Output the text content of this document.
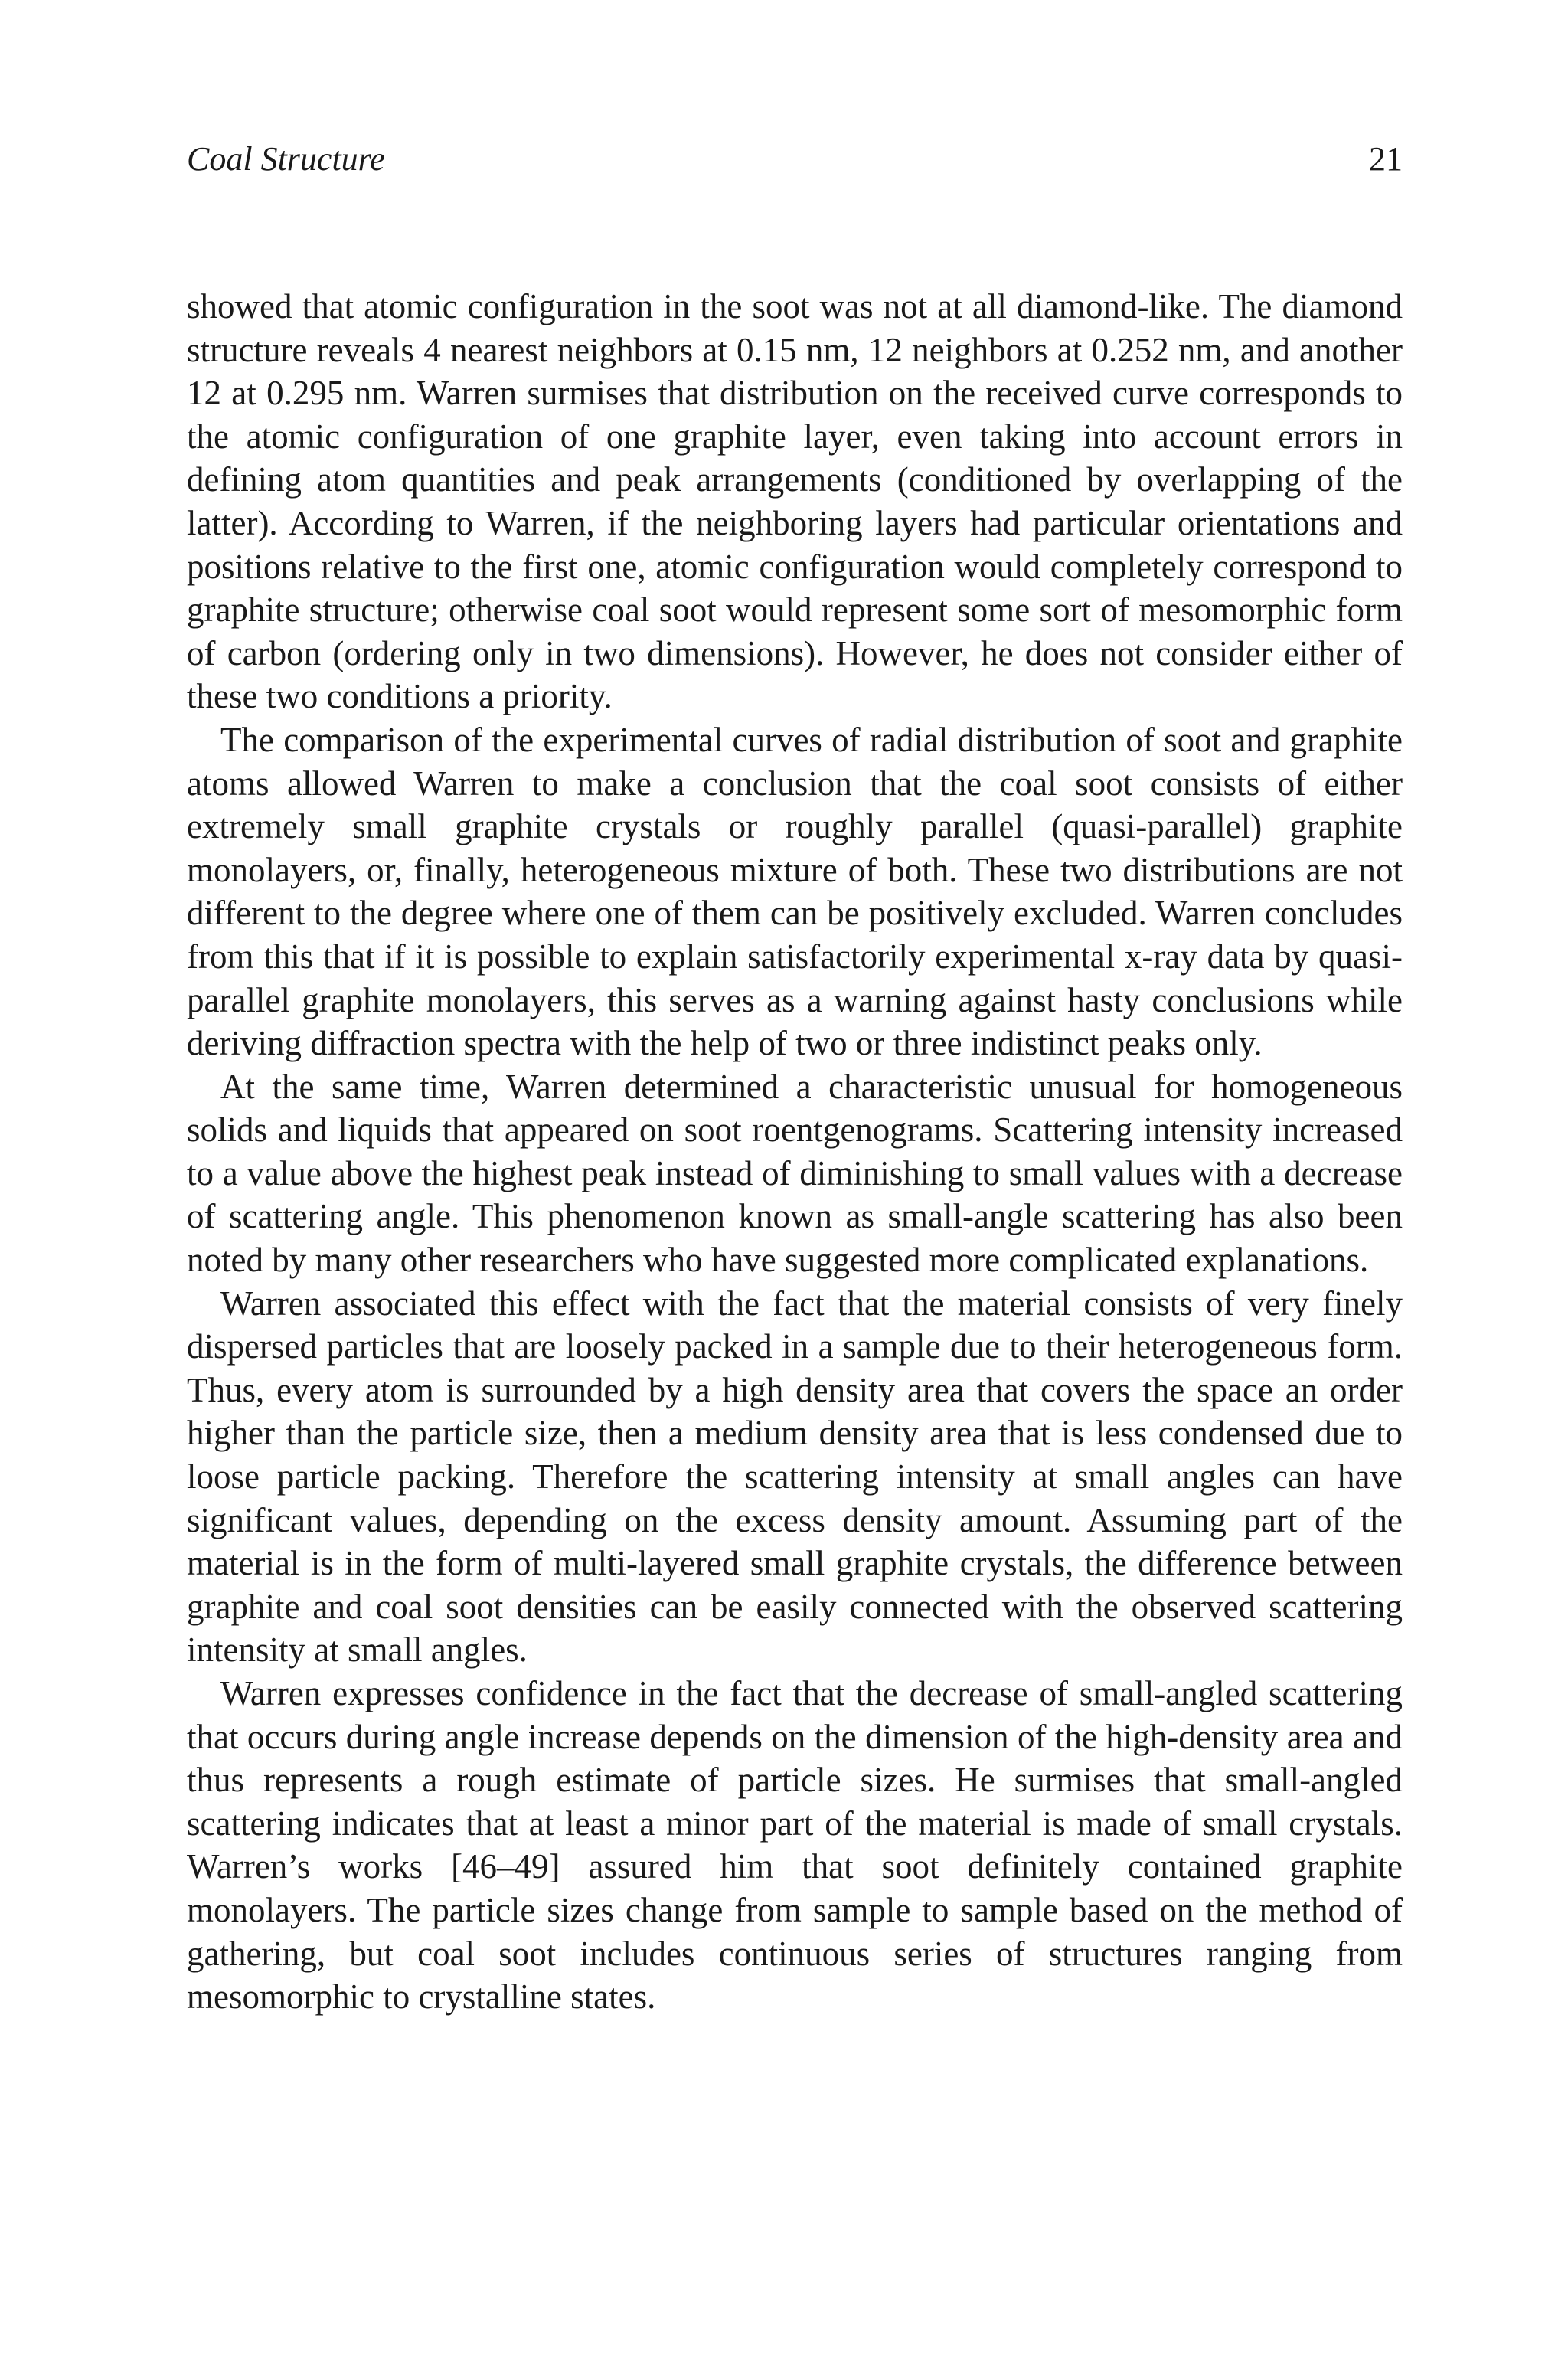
Coal Structure	21

showed that atomic configuration in the soot was not at all diamond-like. The diamond structure reveals 4 nearest neighbors at 0.15 nm, 12 neighbors at 0.252 nm, and another 12 at 0.295 nm. Warren surmises that distribution on the received curve corresponds to the atomic configuration of one graphite layer, even taking into account errors in defining atom quantities and peak arrangements (conditioned by overlapping of the latter). According to Warren, if the neighboring layers had particular orientations and positions relative to the first one, atomic configuration would completely correspond to graphite structure; otherwise coal soot would represent some sort of mesomorphic form of carbon (ordering only in two dimensions). However, he does not consider either of these two conditions a priority.

The comparison of the experimental curves of radial distribution of soot and graphite atoms allowed Warren to make a conclusion that the coal soot consists of either extremely small graphite crystals or roughly parallel (quasi-parallel) graphite monolayers, or, finally, heterogeneous mixture of both. These two distributions are not different to the degree where one of them can be positively excluded. Warren concludes from this that if it is possible to explain satisfactorily experimental x-ray data by quasi-parallel graphite monolayers, this serves as a warning against hasty conclusions while deriving diffraction spectra with the help of two or three indistinct peaks only.

At the same time, Warren determined a characteristic unusual for homogeneous solids and liquids that appeared on soot roentgenograms. Scattering intensity increased to a value above the highest peak instead of diminishing to small values with a decrease of scattering angle. This phenomenon known as small-angle scattering has also been noted by many other researchers who have suggested more complicated explanations.

Warren associated this effect with the fact that the material consists of very finely dispersed particles that are loosely packed in a sample due to their heterogeneous form. Thus, every atom is surrounded by a high density area that covers the space an order higher than the particle size, then a medium density area that is less condensed due to loose particle packing. Therefore the scattering intensity at small angles can have significant values, depending on the excess density amount. Assuming part of the material is in the form of multi-layered small graphite crystals, the difference between graphite and coal soot densities can be easily connected with the observed scattering intensity at small angles.

Warren expresses confidence in the fact that the decrease of small-angled scattering that occurs during angle increase depends on the dimension of the high-density area and thus represents a rough estimate of particle sizes. He surmises that small-angled scattering indicates that at least a minor part of the material is made of small crystals. Warren’s works [46–49] assured him that soot definitely contained graphite monolayers. The particle sizes change from sample to sample based on the method of gathering, but coal soot includes continuous series of structures ranging from mesomorphic to crystalline states.
